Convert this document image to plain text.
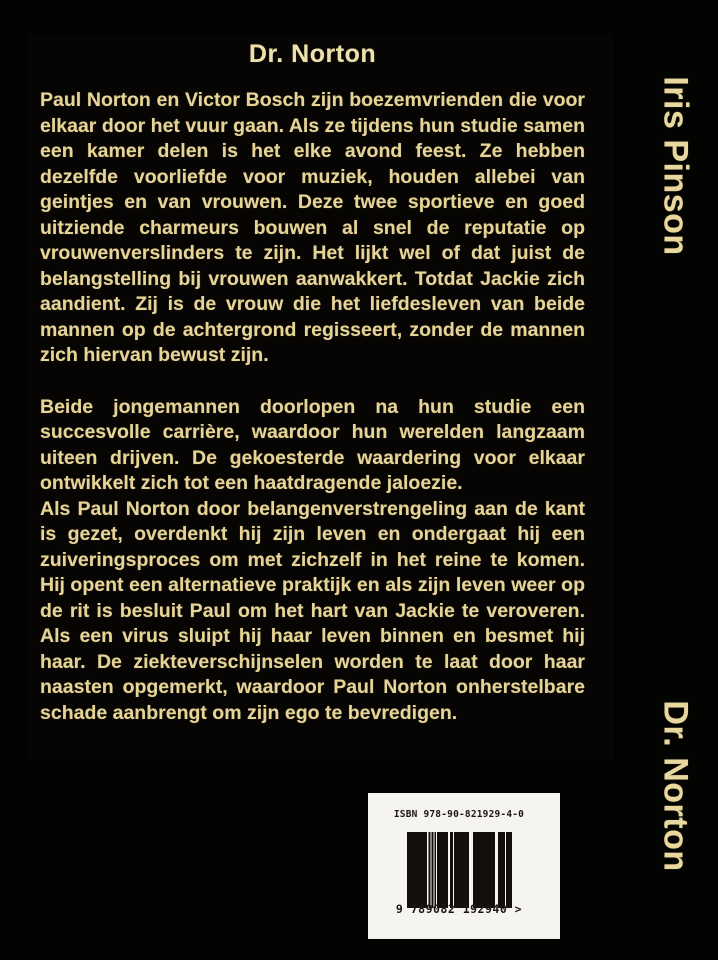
Dr. Norton

Paul Norton en Victor Bosch zijn boezemvrienden die voor elkaar door het vuur gaan. Als ze tijdens hun studie samen een kamer delen is het elke avond feest. Ze hebben dezelfde voorliefde voor muziek, houden allebei van geintjes en van vrouwen. Deze twee sportieve en goed uitziende charmeurs bouwen al snel de reputatie op vrouwenverslinders te zijn. Het lijkt wel of dat juist de belangstelling bij vrouwen aanwakkert. Totdat Jackie zich aandient. Zij is de vrouw die het liefdesleven van beide mannen op de achtergrond regisseert, zonder de mannen zich hiervan bewust zijn.

Beide jongemannen doorlopen na hun studie een succesvolle carrière, waardoor hun werelden langzaam uiteen drijven. De gekoesterde waardering voor elkaar ontwikkelt zich tot een haatdragende jaloezie.

Als Paul Norton door belangenverstrengeling aan de kant is gezet, overdenkt hij zijn leven en ondergaat hij een zuiveringsproces om met zichzelf in het reine te komen. Hij opent een alternatieve praktijk en als zijn leven weer op de rit is besluit Paul om het hart van Jackie te veroveren. Als een virus sluipt hij haar leven binnen en besmet hij haar. De ziekteverschijnselen worden te laat door haar naasten opgemerkt, waardoor Paul Norton onherstelbare schade aanbrengt om zijn ego te bevredigen.

Iris Pinson
Dr. Norton
ISBN 978-90-821929-4-0
9 789082 192940 >
